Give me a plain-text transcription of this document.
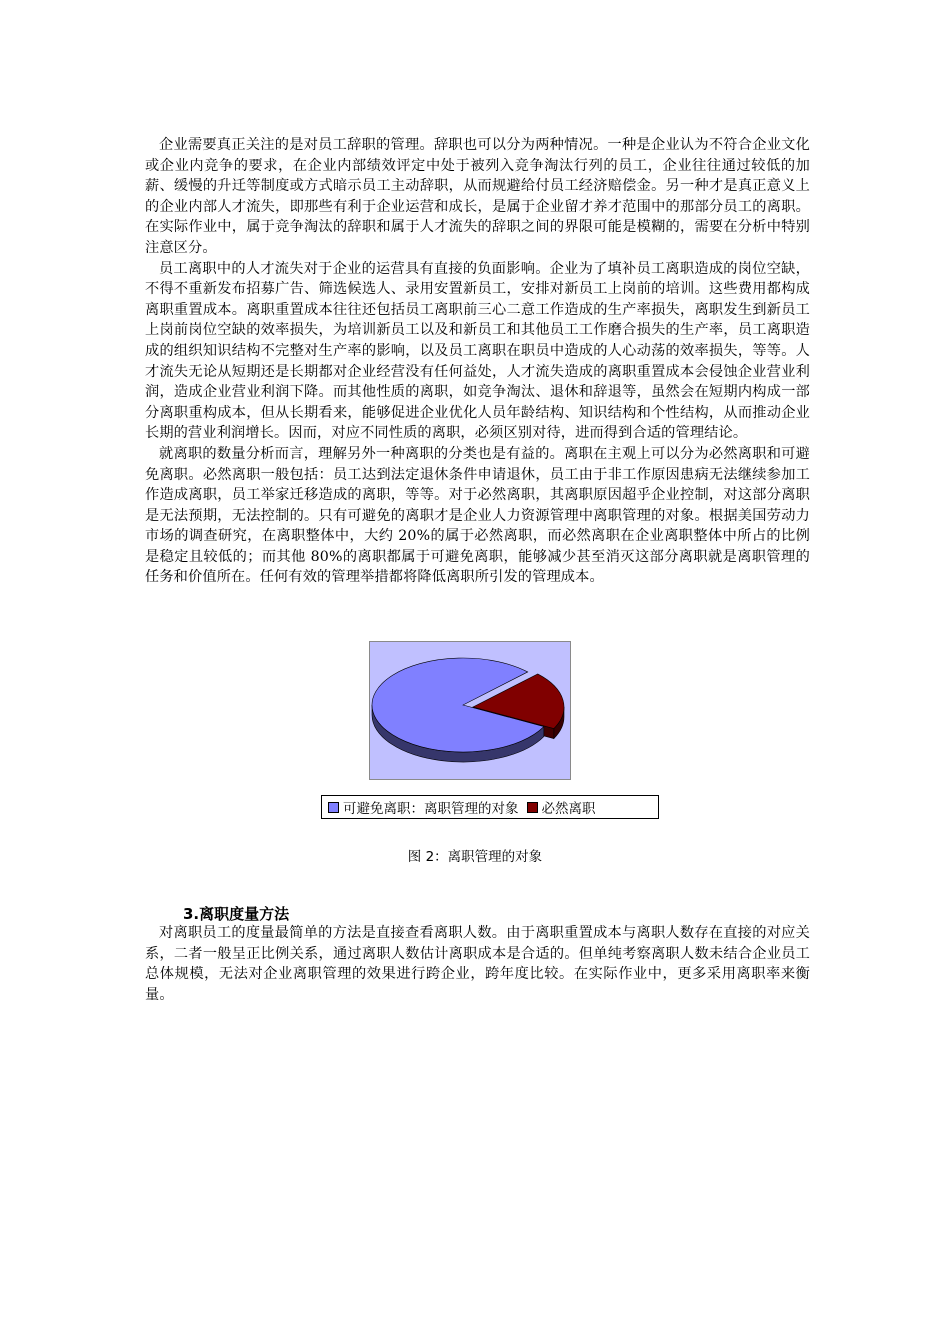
企业需要真正关注的是对员工辞职的管理。辞职也可以分为两种情况。一种是企业认为不符合企业文化或企业内竞争的要求，在企业内部绩效评定中处于被列入竞争淘汰行列的员工，企业往往通过较低的加薪、缓慢的升迁等制度或方式暗示员工主动辞职，从而规避给付员工经济赔偿金。另一种才是真正意义上的企业内部人才流失，即那些有利于企业运营和成长，是属于企业留才养才范围中的那部分员工的离职。在实际作业中，属于竞争淘汰的辞职和属于人才流失的辞职之间的界限可能是模糊的，需要在分析中特别注意区分。

员工离职中的人才流失对于企业的运营具有直接的负面影响。企业为了填补员工离职造成的岗位空缺，不得不重新发布招募广告、筛选候选人、录用安置新员工，安排对新员工上岗前的培训。这些费用都构成离职重置成本。离职重置成本往往还包括员工离职前三心二意工作造成的生产率损失，离职发生到新员工上岗前岗位空缺的效率损失，为培训新员工以及和新员工和其他员工工作磨合损失的生产率，员工离职造成的组织知识结构不完整对生产率的影响，以及员工离职在职员中造成的人心动荡的效率损失，等等。人才流失无论从短期还是长期都对企业经营没有任何益处，人才流失造成的离职重置成本会侵蚀企业营业利润，造成企业营业利润下降。而其他性质的离职，如竞争淘汰、退休和辞退等，虽然会在短期内构成一部分离职重构成本，但从长期看来，能够促进企业优化人员年龄结构、知识结构和个性结构，从而推动企业长期的营业利润增长。因而，对应不同性质的离职，必须区别对待，进而得到合适的管理结论。

就离职的数量分析而言，理解另外一种离职的分类也是有益的。离职在主观上可以分为必然离职和可避免离职。必然离职一般包括：员工达到法定退休条件申请退休，员工由于非工作原因患病无法继续参加工作造成离职，员工举家迁移造成的离职，等等。对于必然离职，其离职原因超乎企业控制，对这部分离职是无法预期，无法控制的。只有可避免的离职才是企业人力资源管理中离职管理的对象。根据美国劳动力市场的调查研究，在离职整体中，大约 20%的属于必然离职，而必然离职在企业离职整体中所占的比例是稳定且较低的；而其他 80%的离职都属于可避免离职，能够减少甚至消灭这部分离职就是离职管理的任务和价值所在。任何有效的管理举措都将降低离职所引发的管理成本。

可避免离职：离职管理的对象 必然离职
图 2：离职管理的对象
3.离职度量方法

对离职员工的度量最简单的方法是直接查看离职人数。由于离职重置成本与离职人数存在直接的对应关系，二者一般呈正比例关系，通过离职人数估计离职成本是合适的。但单纯考察离职人数未结合企业员工总体规模，无法对企业离职管理的效果进行跨企业，跨年度比较。在实际作业中，更多采用离职率来衡量。
